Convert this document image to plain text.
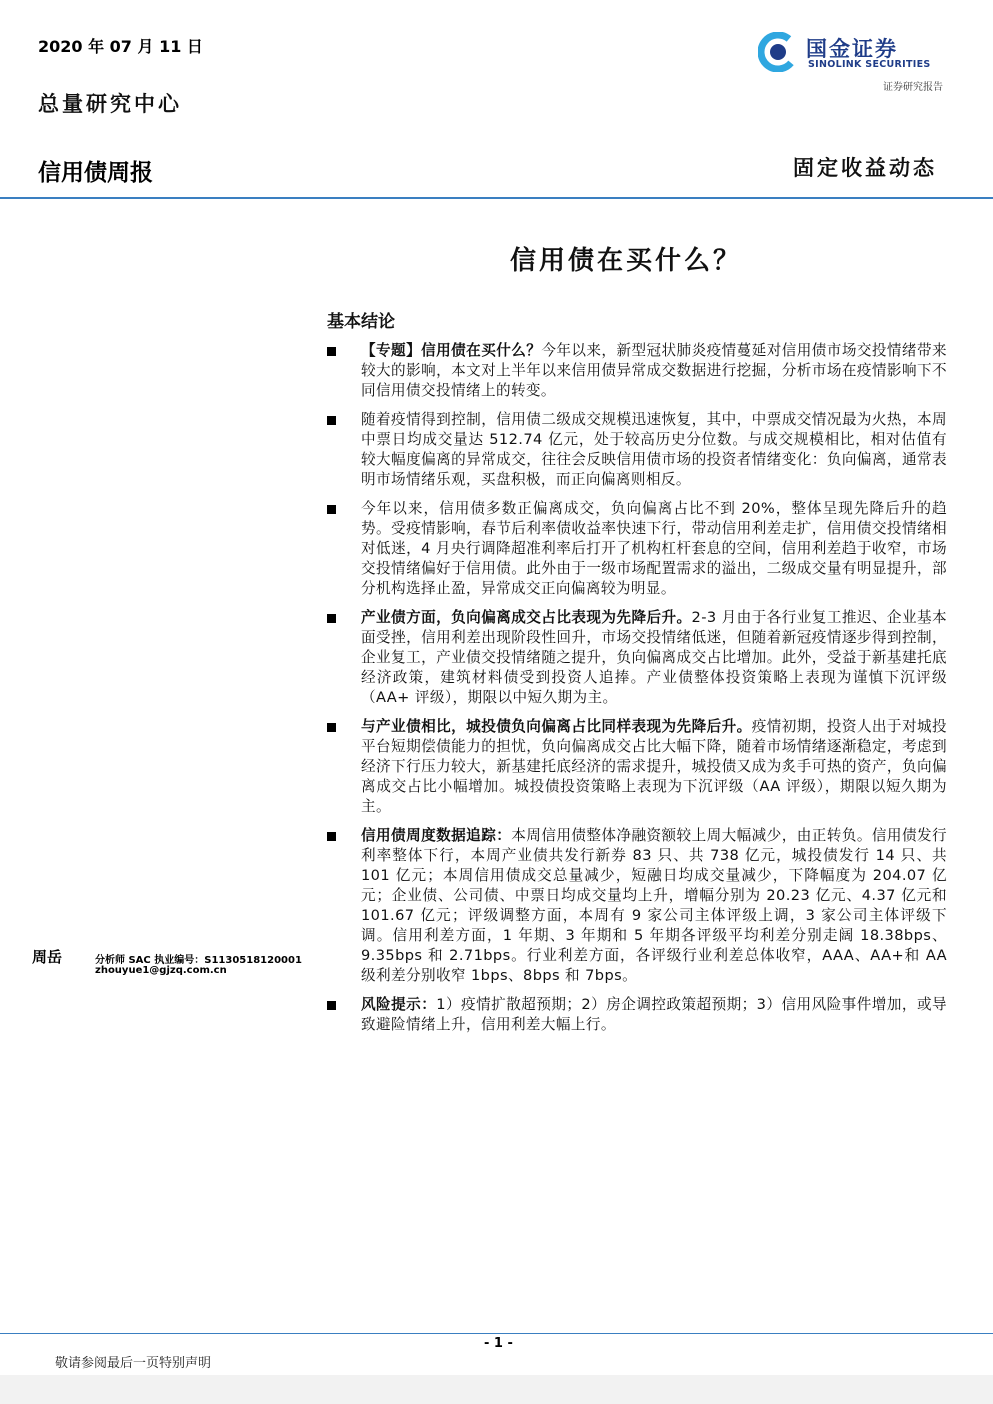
2020 年 07 月 11 日
总量研究中心
信用债周报	固定收益动态
国金证券
SINOLINK SECURITIES
证券研究报告
信用债在买什么？
基本结论
【专题】信用债在买什么？今年以来，新型冠状肺炎疫情蔓延对信用债市场交投情绪带来较大的影响，本文对上半年以来信用债异常成交数据进行挖掘，分析市场在疫情影响下不同信用债交投情绪上的转变。
随着疫情得到控制，信用债二级成交规模迅速恢复，其中，中票成交情况最为火热，本周中票日均成交量达 512.74 亿元，处于较高历史分位数。与成交规模相比，相对估值有较大幅度偏离的异常成交，往往会反映信用债市场的投资者情绪变化：负向偏离，通常表明市场情绪乐观，买盘积极，而正向偏离则相反。
今年以来，信用债多数正偏离成交，负向偏离占比不到 20%，整体呈现先降后升的趋势。受疫情影响，春节后利率债收益率快速下行，带动信用利差走扩，信用债交投情绪相对低迷，4 月央行调降超准利率后打开了机构杠杆套息的空间，信用利差趋于收窄，市场交投情绪偏好于信用债。此外由于一级市场配置需求的溢出，二级成交量有明显提升，部分机构选择止盈，异常成交正向偏离较为明显。
产业债方面，负向偏离成交占比表现为先降后升。2-3 月由于各行业复工推迟、企业基本面受挫，信用利差出现阶段性回升，市场交投情绪低迷，但随着新冠疫情逐步得到控制，企业复工，产业债交投情绪随之提升，负向偏离成交占比增加。此外，受益于新基建托底经济政策，建筑材料债受到投资人追捧。产业债整体投资策略上表现为谨慎下沉评级（AA+ 评级），期限以中短久期为主。
与产业债相比，城投债负向偏离占比同样表现为先降后升。疫情初期，投资人出于对城投平台短期偿债能力的担忧，负向偏离成交占比大幅下降，随着市场情绪逐渐稳定，考虑到经济下行压力较大，新基建托底经济的需求提升，城投债又成为炙手可热的资产，负向偏离成交占比小幅增加。城投债投资策略上表现为下沉评级（AA 评级），期限以短久期为主。
信用债周度数据追踪：本周信用债整体净融资额较上周大幅减少，由正转负。信用债发行利率整体下行，本周产业债共发行新券 83 只、共 738 亿元，城投债发行 14 只、共 101 亿元；本周信用债成交总量减少，短融日均成交量减少，下降幅度为 204.07 亿元；企业债、公司债、中票日均成交量均上升，增幅分别为 20.23 亿元、4.37 亿元和 101.67 亿元；评级调整方面，本周有 9 家公司主体评级上调，3 家公司主体评级下调。信用利差方面，1 年期、3 年期和 5 年期各评级平均利差分别走阔 18.38bps、9.35bps 和 2.71bps。行业利差方面，各评级行业利差总体收窄，AAA、AA+和 AA 级利差分别收窄 1bps、8bps 和 7bps。
风险提示：1）疫情扩散超预期；2）房企调控政策超预期；3）信用风险事件增加，或导致避险情绪上升，信用利差大幅上行。
周岳	分析师 SAC 执业编号：S1130518120001
zhouyue1@gjzq.com.cn
- 1 -
敬请参阅最后一页特别声明
